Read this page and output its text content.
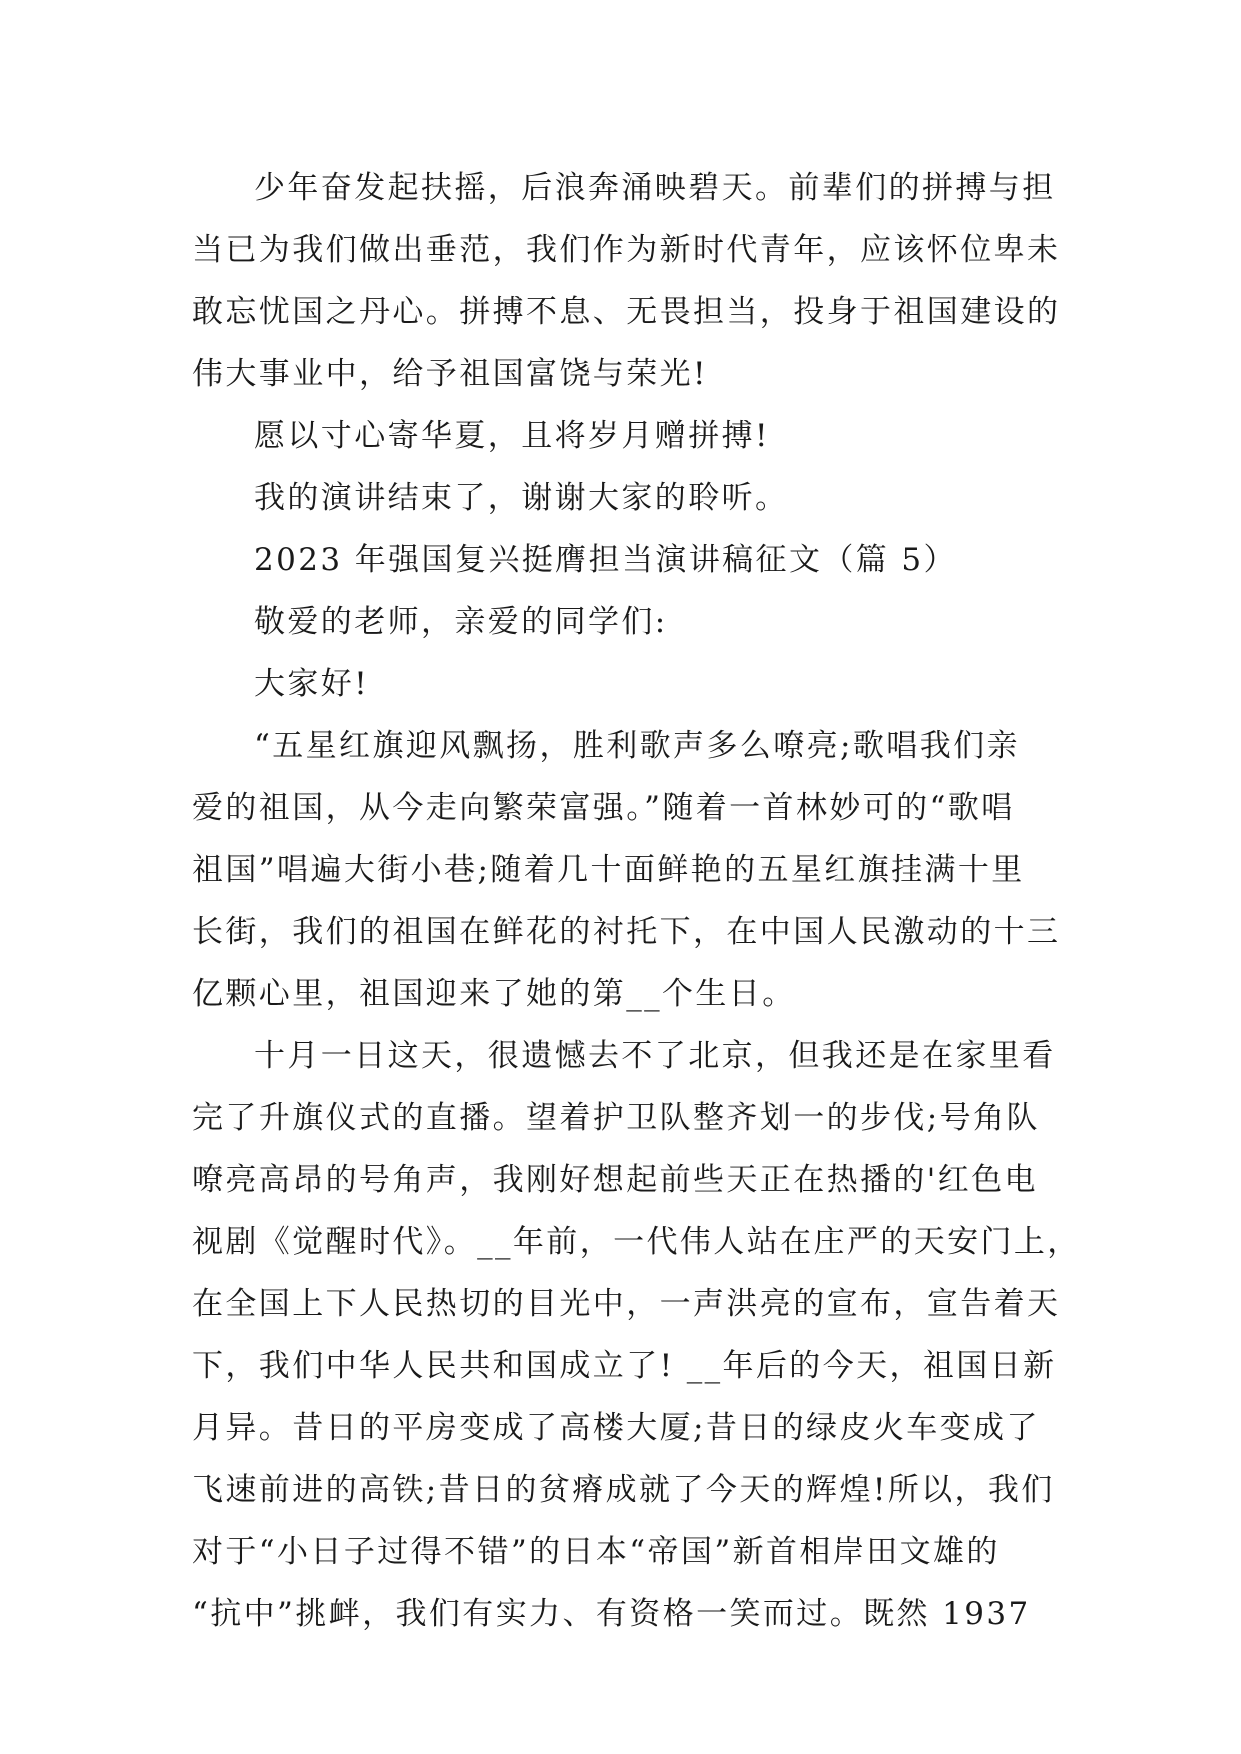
少年奋发起扶摇，后浪奔涌映碧天。前辈们的拼搏与担

当已为我们做出垂范，我们作为新时代青年，应该怀位卑未

敢忘忧国之丹心。拼搏不息、无畏担当，投身于祖国建设的

伟大事业中，给予祖国富饶与荣光!

愿以寸心寄华夏，且将岁月赠拼搏!

我的演讲结束了，谢谢大家的聆听。

2023 年强国复兴挺膺担当演讲稿征文（篇 5）

敬爱的老师，亲爱的同学们:

大家好!

“五星红旗迎风飘扬，胜利歌声多么嘹亮;歌唱我们亲

爱的祖国，从今走向繁荣富强。”随着一首林妙可的“歌唱

祖国”唱遍大街小巷;随着几十面鲜艳的五星红旗挂满十里

长街，我们的祖国在鲜花的衬托下，在中国人民激动的十三

亿颗心里，祖国迎来了她的第__个生日。

十月一日这天，很遗憾去不了北京，但我还是在家里看

完了升旗仪式的直播。望着护卫队整齐划一的步伐;号角队

嘹亮高昂的号角声，我刚好想起前些天正在热播的'红色电

视剧《觉醒时代》。__年前，一代伟人站在庄严的天安门上，

在全国上下人民热切的目光中，一声洪亮的宣布，宣告着天

下，我们中华人民共和国成立了! __年后的今天，祖国日新

月异。昔日的平房变成了高楼大厦;昔日的绿皮火车变成了

飞速前进的高铁;昔日的贫瘠成就了今天的辉煌!所以，我们

对于“小日子过得不错”的日本“帝国”新首相岸田文雄的

“抗中”挑衅，我们有实力、有资格一笑而过。既然 1937
